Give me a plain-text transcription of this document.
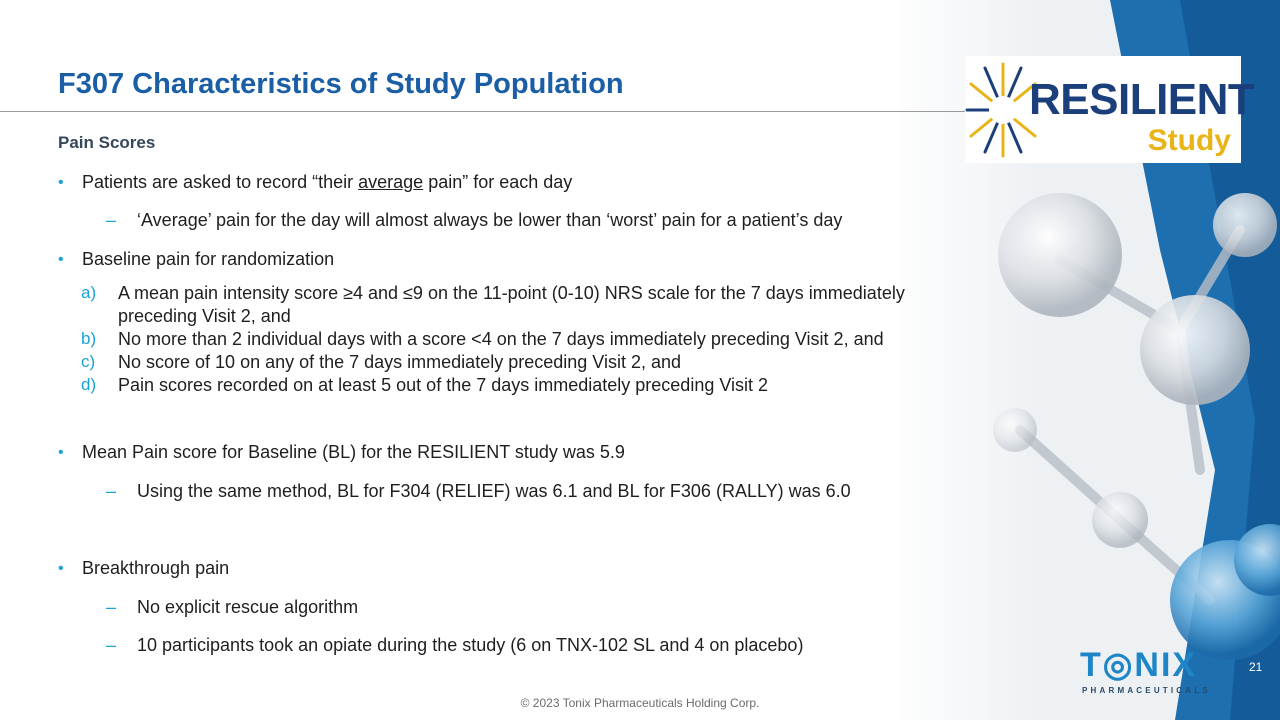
F307 Characteristics of Study Population	RESILIENT
Study
Pain Scores
• Patients are asked to record “their average pain” for each day
– ‘Average’ pain for the day will almost always be lower than ‘worst’ pain for a patient’s day
• Baseline pain for randomization
a) A mean pain intensity score ≥4 and ≤9 on the 11-point (0-10) NRS scale for the 7 days immediately
preceding Visit 2, and
b) No more than 2 individual days with a score <4 on the 7 days immediately preceding Visit 2, and
c) No score of 10 on any of the 7 days immediately preceding Visit 2, and
d) Pain scores recorded on at least 5 out of the 7 days immediately preceding Visit 2
• Mean Pain score for Baseline (BL) for the RESILIENT study was 5.9
– Using the same method, BL for F304 (RELIEF) was 6.1 and BL for F306 (RALLY) was 6.0
• Breakthrough pain
– No explicit rescue algorithm
– 10 participants took an opiate during the study (6 on TNX-102 SL and 4 on placebo)
T◎NIX
PHARMACEUTICALS
21
© 2023 Tonix Pharmaceuticals Holding Corp.
